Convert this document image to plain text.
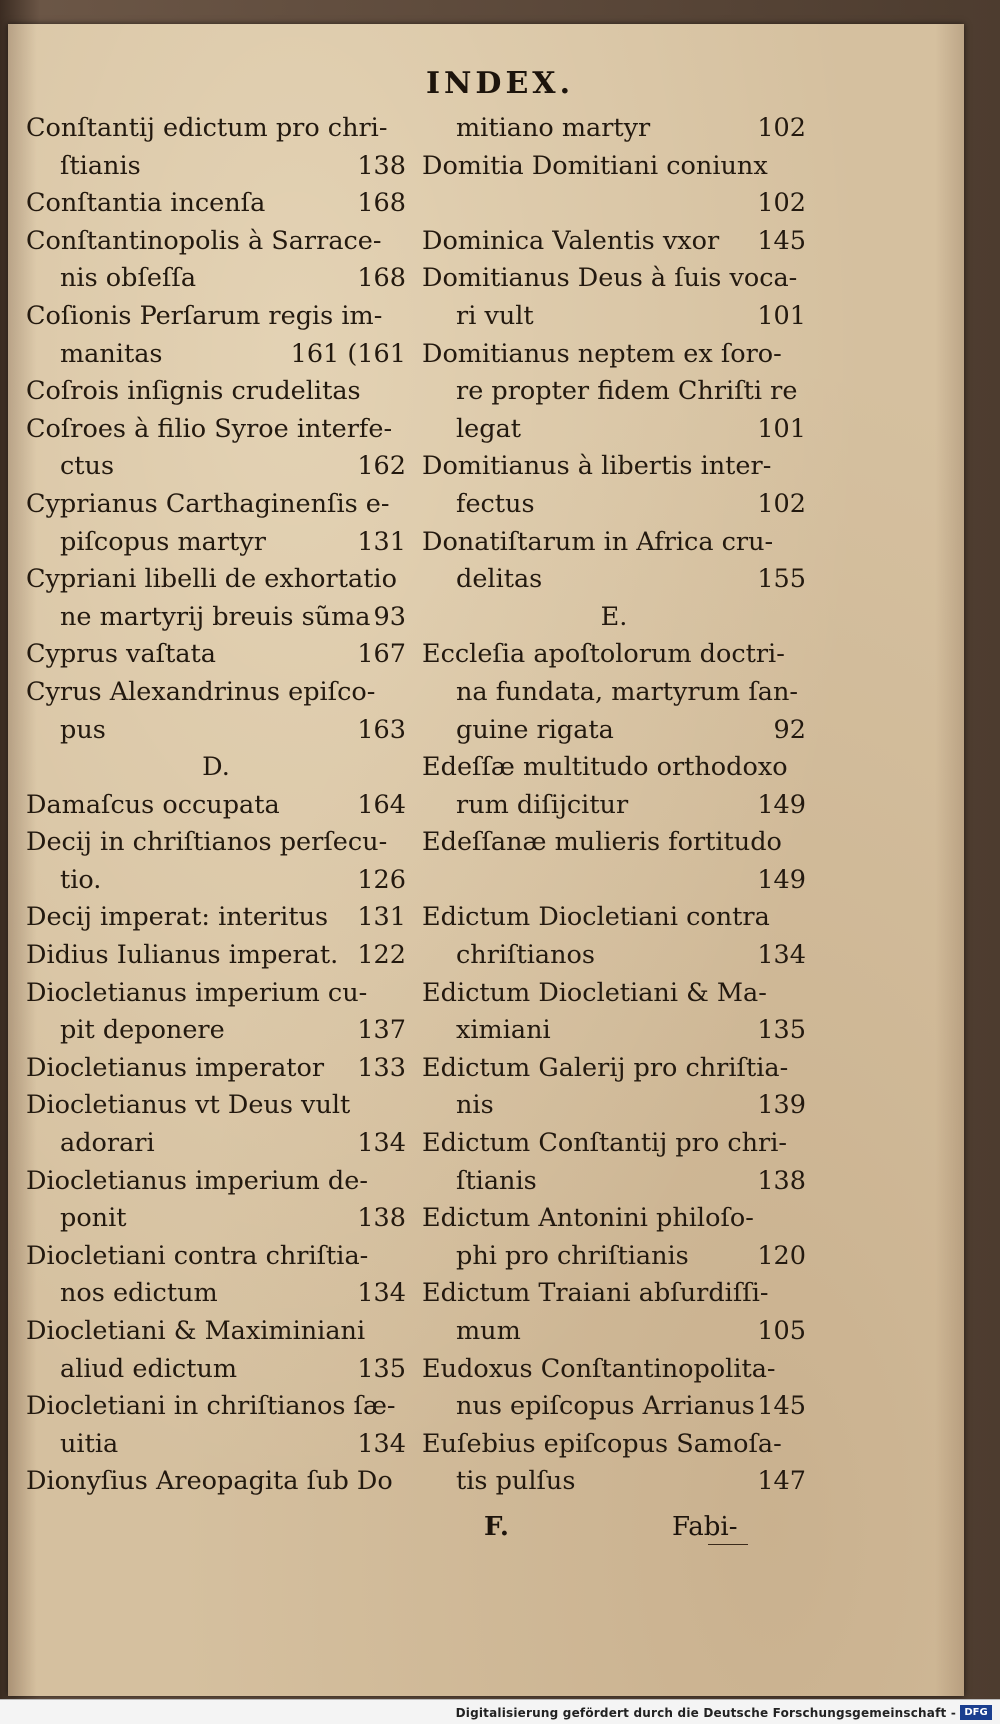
INDEX.
Conſtantij edictum pro chri-
ſtianis	138
Conſtantia incenſa	168
Conſtantinopolis à Sarrace-
nis obſeſſa	168
Coſionis Perſarum regis im-
manitas	161 (161
Coſrois inſignis crudelitas
Coſroes à filio Syroe interfe-
ctus	162
Cyprianus Carthaginenſis e-
piſcopus martyr	131
Cypriani libelli de exhortatio
ne martyrij breuis sũma 93
Cyprus vaſtata	167
Cyrus Alexandrinus epiſco-
pus	163
D.
Damaſcus occupata	164
Decij in chriſtianos perſecu-
tio.	126
Decij imperat: interitus 131
Didius Iulianus imperat. 122
Diocletianus imperium cu-
pit deponere	137
Diocletianus imperator 133
Diocletianus vt Deus vult
adorari	134
Diocletianus imperium de-
ponit	138
Diocletiani contra chriſtia-
nos edictum	134
Diocletiani & Maximiniani
aliud edictum	135
Diocletiani in chriſtianos ſæ-
uitia	134
Dionyſius Areopagita ſub Do
mitiano martyr	102
Domitia Domitiani coniunx
102
Dominica Valentis vxor 145
Domitianus Deus à ſuis voca-
ri vult	101
Domitianus neptem ex ſoro-
re propter fidem Chriſti re
legat	101
Domitianus à libertis inter-
fectus	102
Donatiſtarum in Africa cru-
delitas	155
E.
Eccleſia apoſtolorum doctri-
na fundata, martyrum ſan-
guine rigata	92
Edeſſæ multitudo orthodoxo
rum diſijcitur	149
Edeſſanæ mulieris fortitudo
149
Edictum Diocletiani contra
chriſtianos	134
Edictum Diocletiani & Ma-
ximiani	135
Edictum Galerij pro chriſtia-
nis	139
Edictum Conſtantij pro chri-
ſtianis	138
Edictum Antonini philoſo-
phi pro chriſtianis	120
Edictum Traiani abſurdiſſi-
mum	105
Eudoxus Conſtantinopolita-
nus epiſcopus Arrianus 145
Euſebius epiſcopus Samoſa-
tis pulſus	147
F.	Fabi-
Digitalisierung gefördert durch die Deutsche Forschungsgemeinschaft - DFG
